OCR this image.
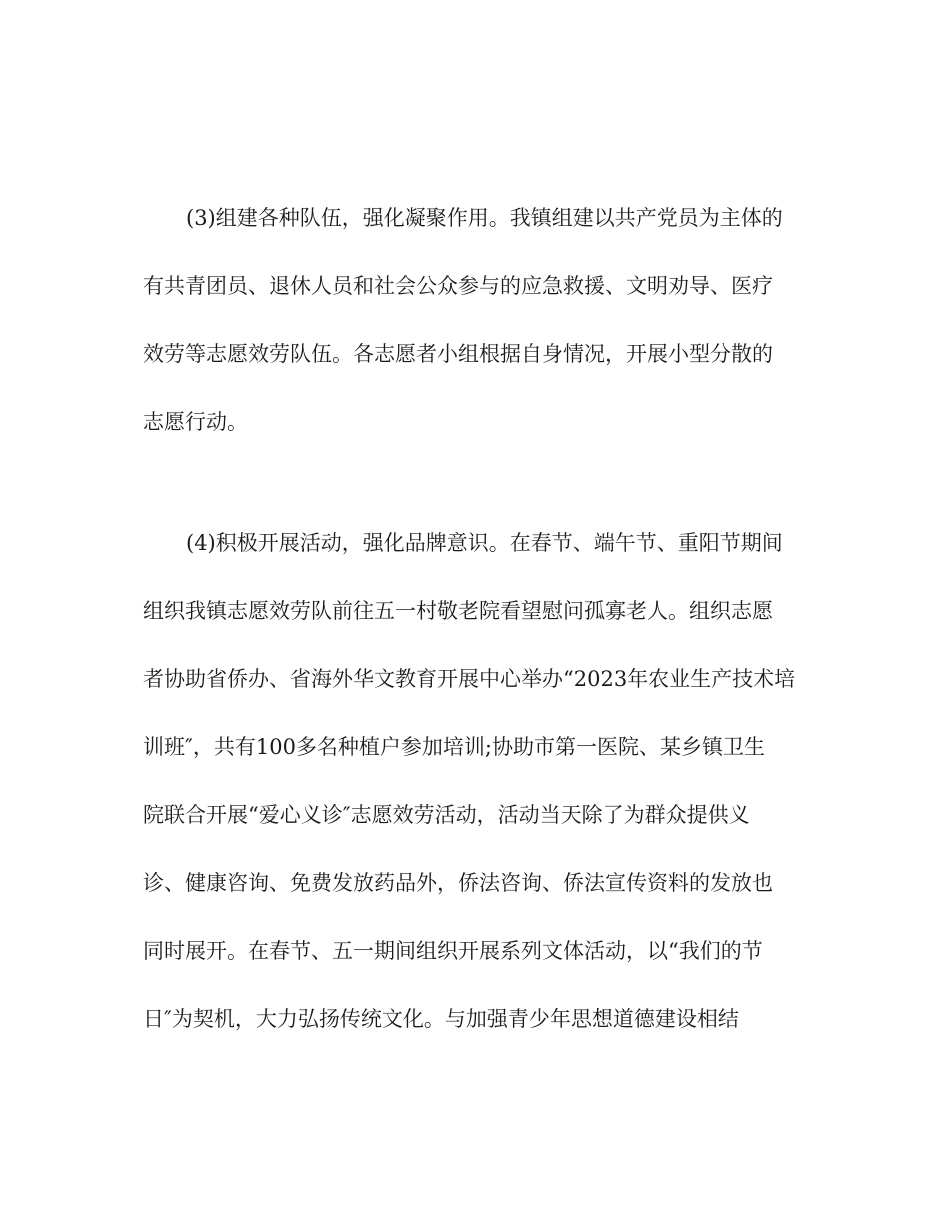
(3)组建各种队伍，强化凝聚作用。我镇组建以共产党员为主体的

有共青团员、退休人员和社会公众参与的应急救援、文明劝导、医疗

效劳等志愿效劳队伍。各志愿者小组根据自身情况，开展小型分散的

志愿行动。

(4)积极开展活动，强化品牌意识。在春节、端午节、重阳节期间

组织我镇志愿效劳队前往五一村敬老院看望慰问孤寡老人。组织志愿

者协助省侨办、省海外华文教育开展中心举办“2023年农业生产技术培

训班″，共有100多名种植户参加培训;协助市第一医院、某乡镇卫生

院联合开展“爱心义诊″志愿效劳活动，活动当天除了为群众提供义

诊、健康咨询、免费发放药品外，侨法咨询、侨法宣传资料的发放也

同时展开。在春节、五一期间组织开展系列文体活动，以“我们的节

日″为契机，大力弘扬传统文化。与加强青少年思想道德建设相结
